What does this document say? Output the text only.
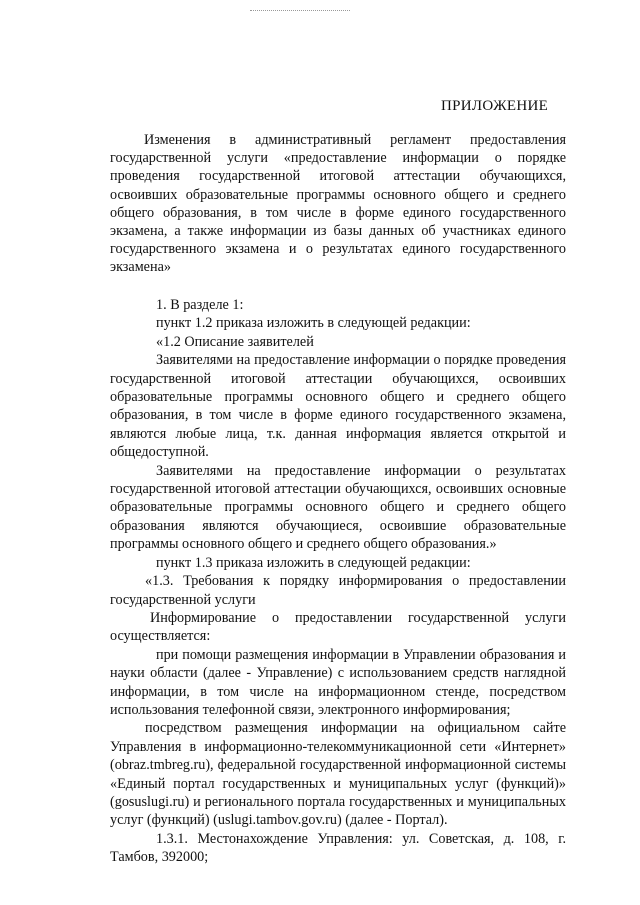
ПРИЛОЖЕНИЕ

Изменения в административный регламент предоставления государственной услуги «предоставление информации о порядке проведения государственной итоговой аттестации обучающихся, освоивших образовательные программы основного общего и среднего общего образования, в том числе в форме единого государственного экзамена, а также информации из базы данных об участниках единого государственного экзамена и о результатах единого государственного экзамена»

1. В разделе 1:

пункт 1.2 приказа изложить в следующей редакции:

«1.2 Описание заявителей

Заявителями на предоставление информации о порядке проведения государственной итоговой аттестации обучающихся, освоивших образовательные программы основного общего и среднего общего образования, в том числе в форме единого государственного экзамена, являются любые лица, т.к. данная информация является открытой и общедоступной.

Заявителями на предоставление информации о результатах государственной итоговой аттестации обучающихся, освоивших основные образовательные программы основного общего и среднего общего образования являются обучающиеся, освоившие образовательные программы основного общего и среднего общего образования.»

пункт 1.3 приказа изложить в следующей редакции:

«1.3. Требования к порядку информирования о предоставлении государственной услуги

Информирование о предоставлении государственной услуги осуществляется:

при помощи размещения информации в Управлении образования и науки области (далее - Управление) с использованием средств наглядной информации, в том числе на информационном стенде, посредством использования телефонной связи, электронного информирования;

посредством размещения информации на официальном сайте Управления в информационно-телекоммуникационной сети «Интернет» (obraz.tmbreg.ru), федеральной государственной информационной системы «Единый портал государственных и муниципальных услуг (функций)» (gosuslugi.ru) и регионального портала государственных и муниципальных услуг (функций) (uslugi.tambov.gov.ru) (далее - Портал).

1.3.1. Местонахождение Управления: ул. Советская, д. 108, г. Тамбов, 392000;
